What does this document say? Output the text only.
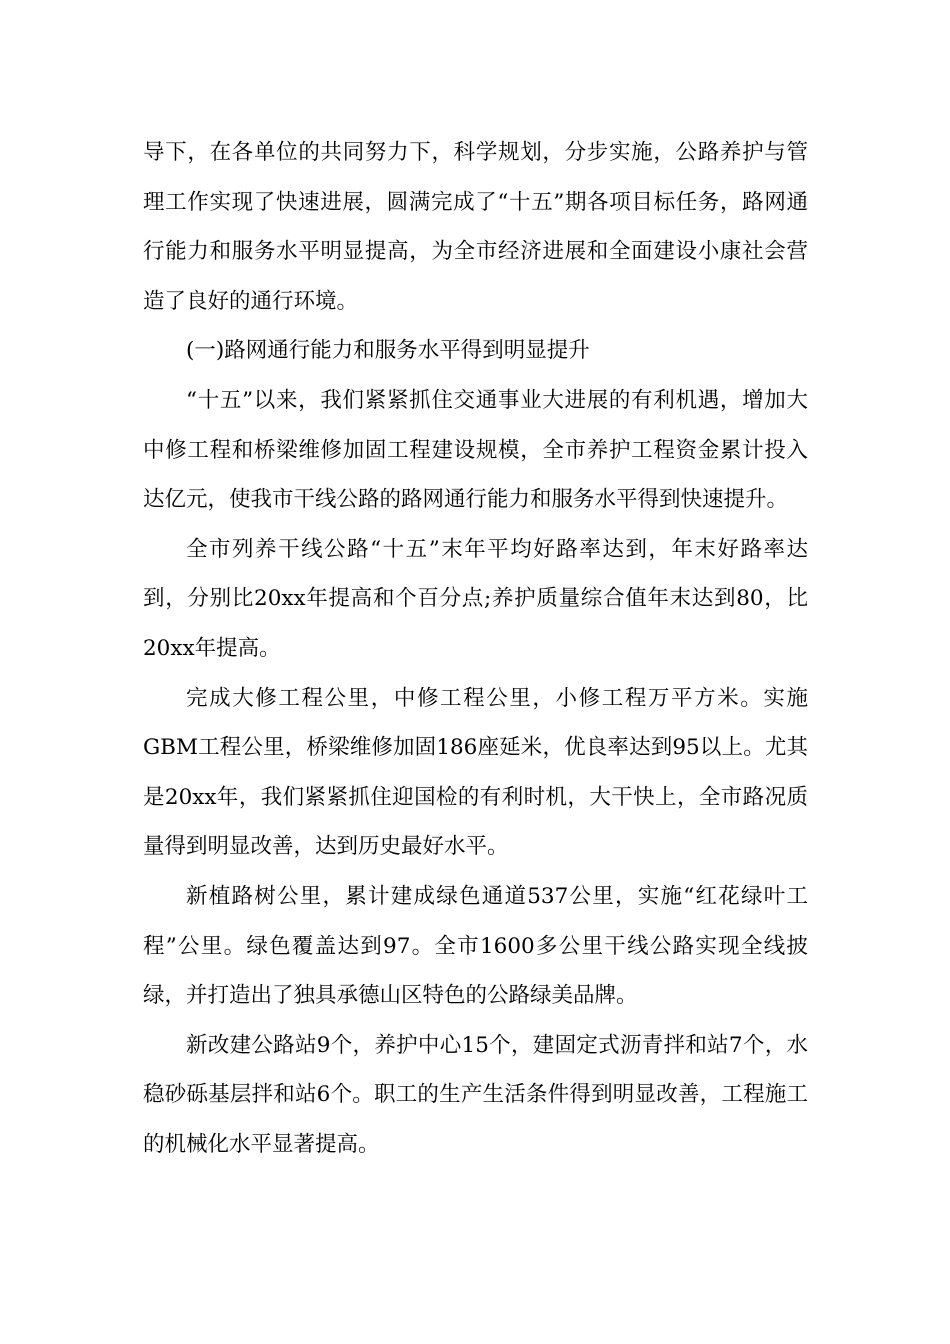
导下，在各单位的共同努力下，科学规划，分步实施，公路养护与管理工作实现了快速进展，圆满完成了“十五”期各项目标任务，路网通行能力和服务水平明显提高，为全市经济进展和全面建设小康社会营造了良好的通行环境。

(一)路网通行能力和服务水平得到明显提升

“十五”以来，我们紧紧抓住交通事业大进展的有利机遇，增加大中修工程和桥梁维修加固工程建设规模，全市养护工程资金累计投入达亿元，使我市干线公路的路网通行能力和服务水平得到快速提升。

全市列养干线公路“十五”末年平均好路率达到，年末好路率达到，分别比20xx年提高和个百分点;养护质量综合值年末达到80，比20xx年提高。

完成大修工程公里，中修工程公里，小修工程万平方米。实施GBM工程公里，桥梁维修加固186座延米，优良率达到95以上。尤其是20xx年，我们紧紧抓住迎国检的有利时机，大干快上，全市路况质量得到明显改善，达到历史最好水平。

新植路树公里，累计建成绿色通道537公里，实施“红花绿叶工程”公里。绿色覆盖达到97。全市1600多公里干线公路实现全线披绿，并打造出了独具承德山区特色的公路绿美品牌。

新改建公路站9个，养护中心15个，建固定式沥青拌和站7个，水稳砂砾基层拌和站6个。职工的生产生活条件得到明显改善，工程施工的机械化水平显著提高。
